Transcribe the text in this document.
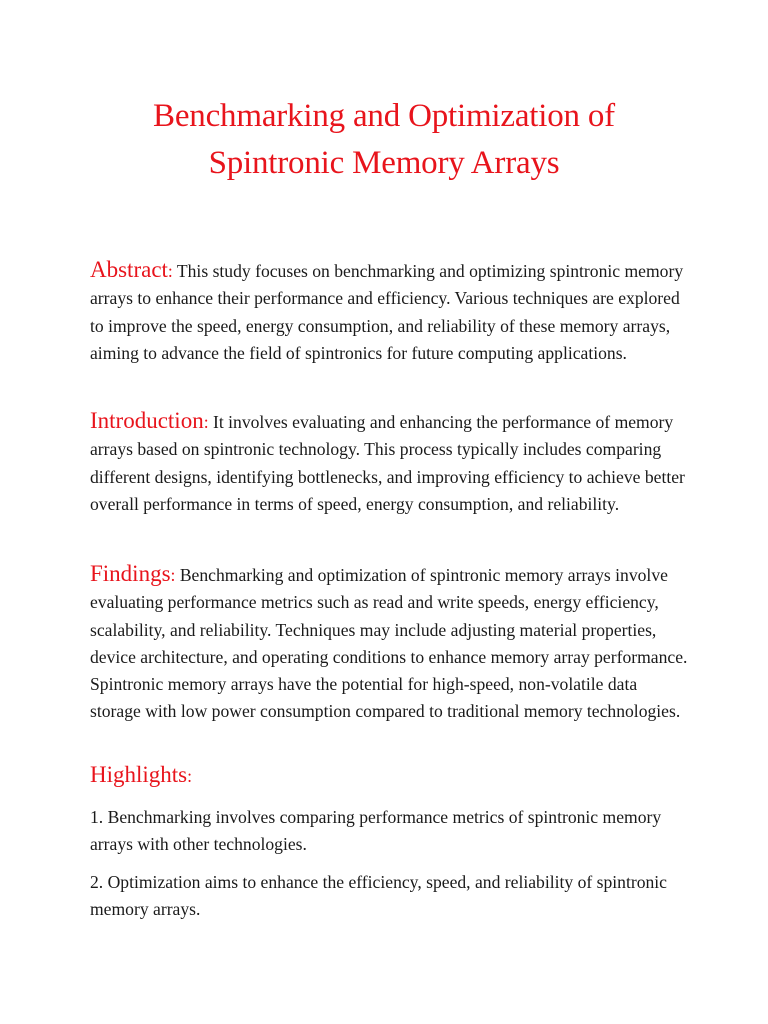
Benchmarking and Optimization of
Spintronic Memory Arrays

Abstract: This study focuses on benchmarking and optimizing spintronic memory arrays to enhance their performance and efficiency. Various techniques are explored to improve the speed, energy consumption, and reliability of these memory arrays, aiming to advance the field of spintronics for future computing applications.

Introduction: It involves evaluating and enhancing the performance of memory arrays based on spintronic technology. This process typically includes comparing different designs, identifying bottlenecks, and improving efficiency to achieve better overall performance in terms of speed, energy consumption, and reliability.

Findings: Benchmarking and optimization of spintronic memory arrays involve evaluating performance metrics such as read and write speeds, energy efficiency, scalability, and reliability. Techniques may include adjusting material properties, device architecture, and operating conditions to enhance memory array performance. Spintronic memory arrays have the potential for high-speed, non-volatile data storage with low power consumption compared to traditional memory technologies.

Highlights:

1. Benchmarking involves comparing performance metrics of spintronic memory arrays with other technologies.

2. Optimization aims to enhance the efficiency, speed, and reliability of spintronic memory arrays.
